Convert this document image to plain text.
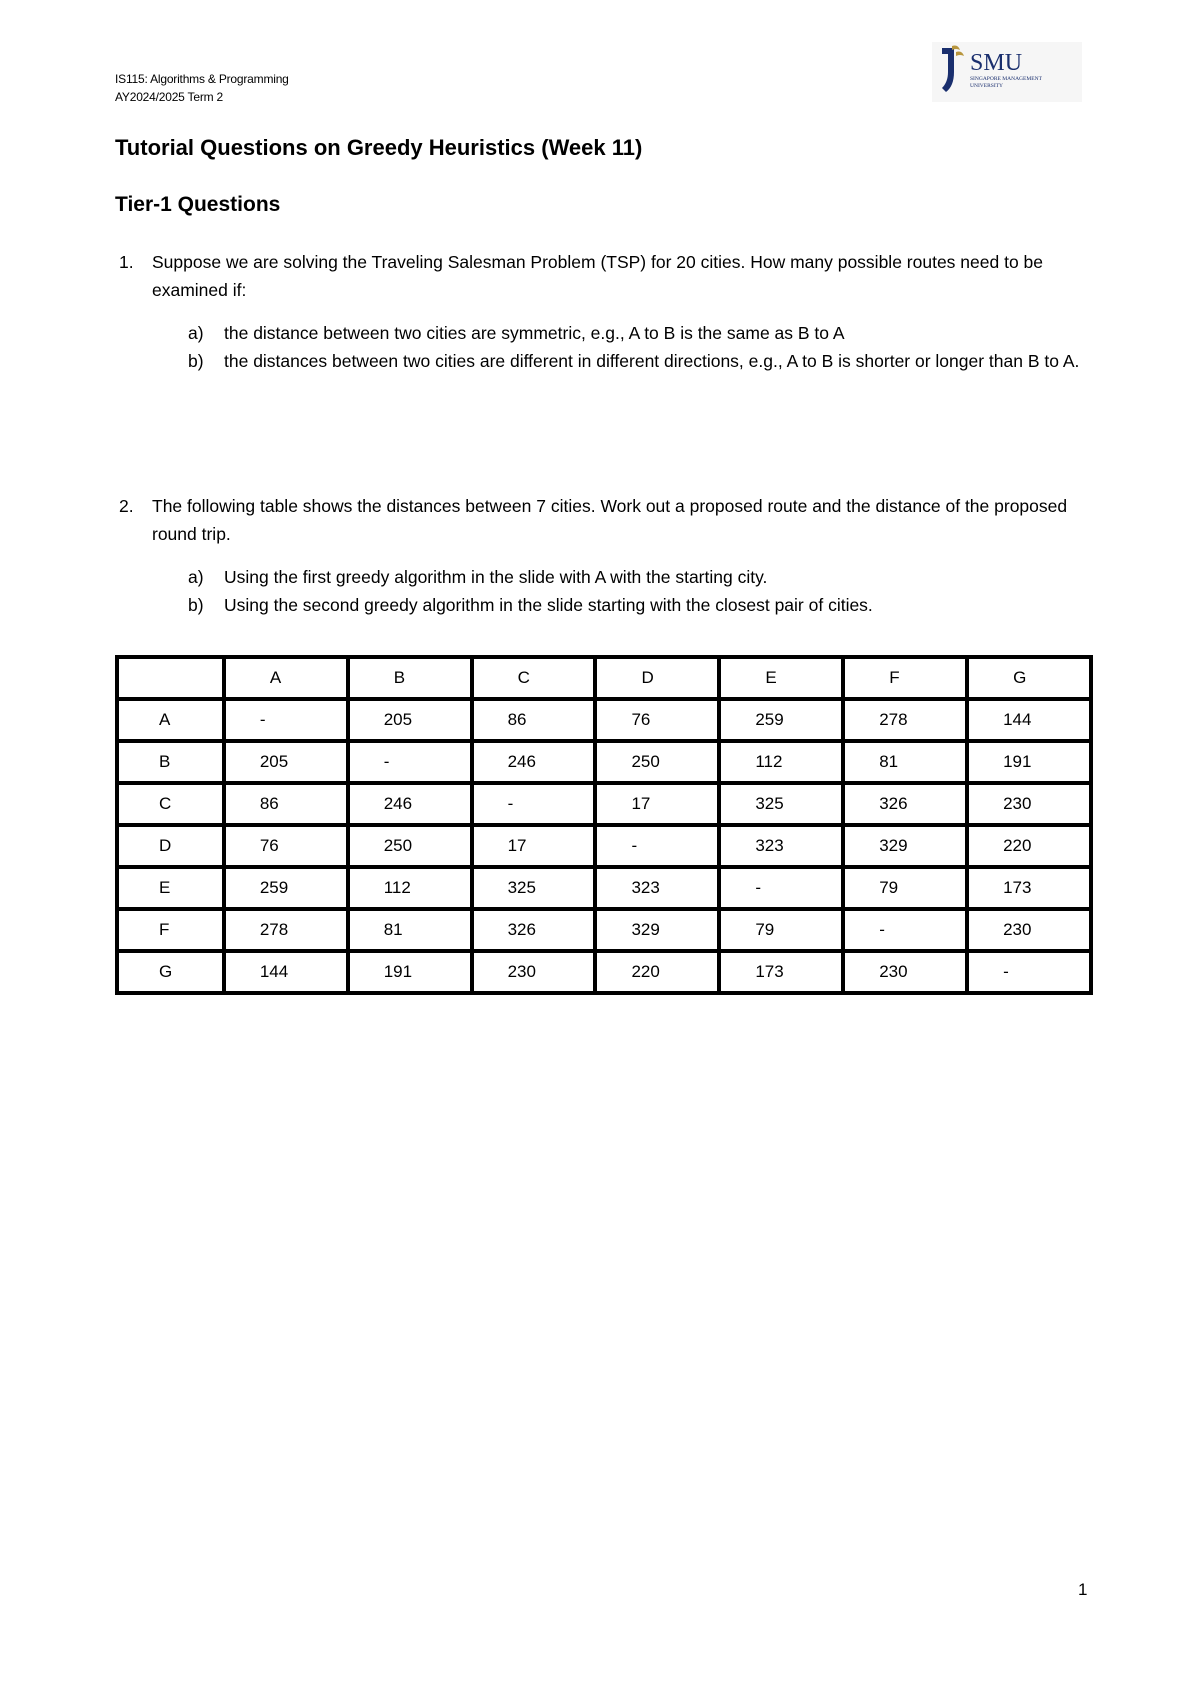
IS115: Algorithms & Programming
AY2024/2025 Term 2
SMU
SINGAPORE MANAGEMENT
UNIVERSITY
Tutorial Questions on Greedy Heuristics (Week 11)
Tier-1 Questions
1. Suppose we are solving the Traveling Salesman Problem (TSP) for 20 cities. How many possible routes need to be examined if:
a) the distance between two cities are symmetric, e.g., A to B is the same as B to A
b) the distances between two cities are different in different directions, e.g., A to B is shorter or longer than B to A.
2. The following table shows the distances between 7 cities. Work out a proposed route and the distance of the proposed round trip.
a) Using the first greedy algorithm in the slide with A with the starting city.
b) Using the second greedy algorithm in the slide starting with the closest pair of cities.
	A	B	C	D	E	F	G
A	-	205	86	76	259	278	144
B	205	-	246	250	112	81	191
C	86	246	-	17	325	326	230
D	76	250	17	-	323	329	220
E	259	112	325	323	-	79	173
F	278	81	326	329	79	-	230
G	144	191	230	220	173	230	-
1
